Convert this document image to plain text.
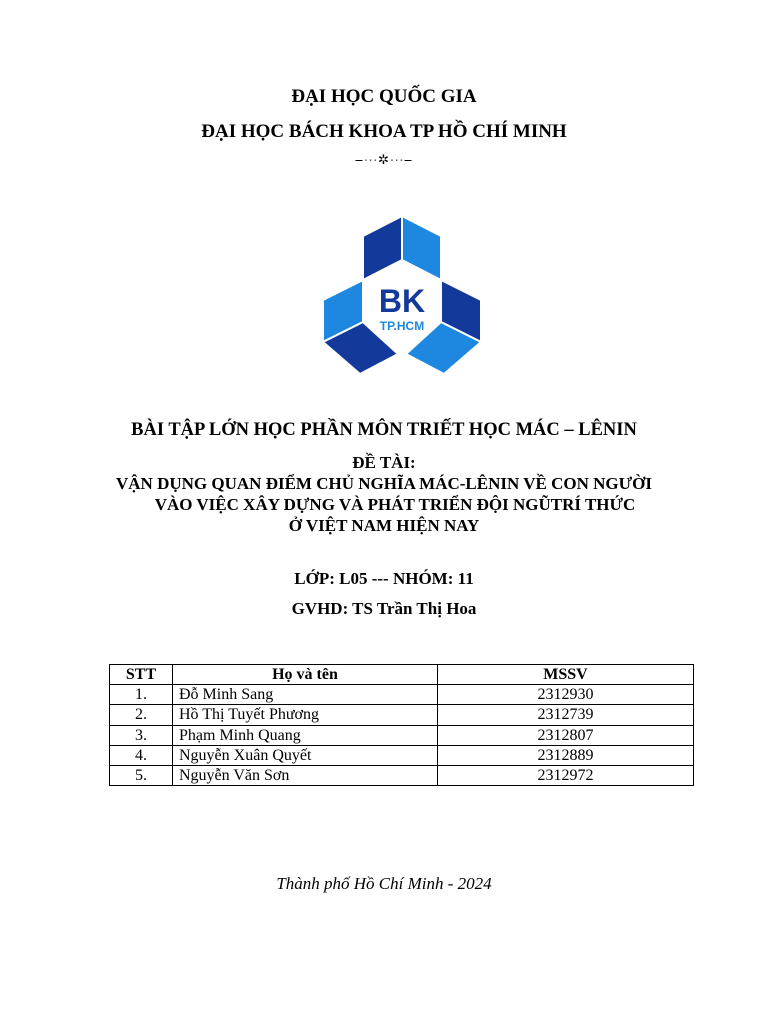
ĐẠI HỌC QUỐC GIA
ĐẠI HỌC BÁCH KHOA TP HỒ CHÍ MINH
⎯⋯✲⋯⎯
BK
TP.HCM
BÀI TẬP LỚN HỌC PHẦN MÔN TRIẾT HỌC MÁC – LÊNIN
ĐỀ TÀI:
VẬN DỤNG QUAN ĐIỂM CHỦ NGHĨA MÁC-LÊNIN VỀ CON NGƯỜI
VÀO VIỆC XÂY DỰNG VÀ PHÁT TRIỂN ĐỘI NGŨTRÍ THỨC
Ở VIỆT NAM HIỆN NAY
LỚP: L05 --- NHÓM: 11
GVHD: TS Trần Thị Hoa
STT	Họ và tên	MSSV
1.	Đỗ Minh Sang	2312930
2.	Hồ Thị Tuyết Phương	2312739
3.	Phạm Minh Quang	2312807
4.	Nguyễn Xuân Quyết	2312889
5.	Nguyễn Văn Sơn	2312972
Thành phố Hồ Chí Minh - 2024
